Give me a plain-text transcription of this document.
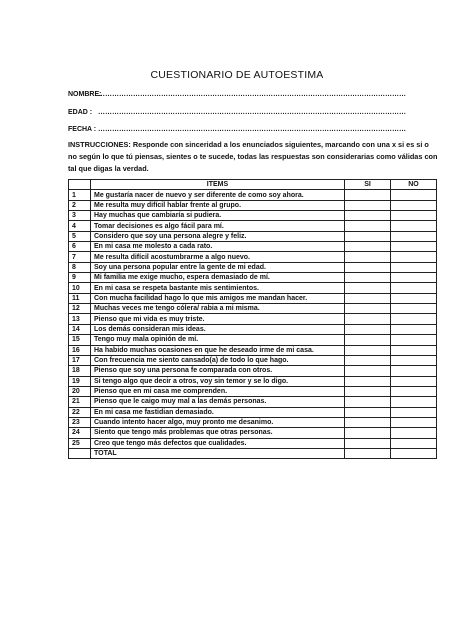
CUESTIONARIO DE AUTOESTIMA
NOMBRE:……………………………………………………………………………………………………………………
EDAD : ……………………………………………………………………………………………………………………
FECHA : ……………………………………………………………………………………………………………………
INSTRUCCIONES: Responde con sinceridad a los enunciados siguientes, marcando con una x si es si o no según lo que tú piensas, sientes o te sucede, todas las respuestas son considerarias como válidas con tal que digas la verdad.
	ITEMS	SI	NO
1	Me gustaría nacer de nuevo y ser diferente de como soy ahora.		
2	Me resulta muy difícil hablar frente al grupo.		
3	Hay muchas que cambiaría si pudiera.		
4	Tomar decisiones es algo fácil para mí.		
5	Considero que soy una persona alegre y feliz.		
6	En mi casa me molesto a cada rato.		
7	Me resulta difícil acostumbrarme a algo nuevo.		
8	Soy una persona popular entre la gente de mi edad.		
9	Mi familia me exige mucho, espera demasiado de mí.		
10	En mi casa se respeta bastante mis sentimientos.		
11	Con mucha facilidad hago lo que mis amigos me mandan hacer.		
12	Muchas veces me tengo cólera/ rabia a mi misma.		
13	Pienso que mi vida es muy triste.		
14	Los demás consideran mis ideas.		
15	Tengo muy mala opinión de mí.		
16	Ha habido muchas ocasiones en que he deseado irme de mi casa.		
17	Con frecuencia me siento cansado(a) de todo lo que hago.		
18	Pienso que soy una persona fe comparada con otros.		
19	Si tengo algo que decir a otros, voy sin temor y se lo digo.		
20	Pienso que en mi casa me comprenden.		
21	Pienso que le caigo muy mal a las demás personas.		
22	En mi casa me fastidian demasiado.		
23	Cuando intento hacer algo, muy pronto me desanimo.		
24	Siento que tengo más problemas que otras personas.		
25	Creo que tengo más defectos que cualidades.		
	TOTAL		
